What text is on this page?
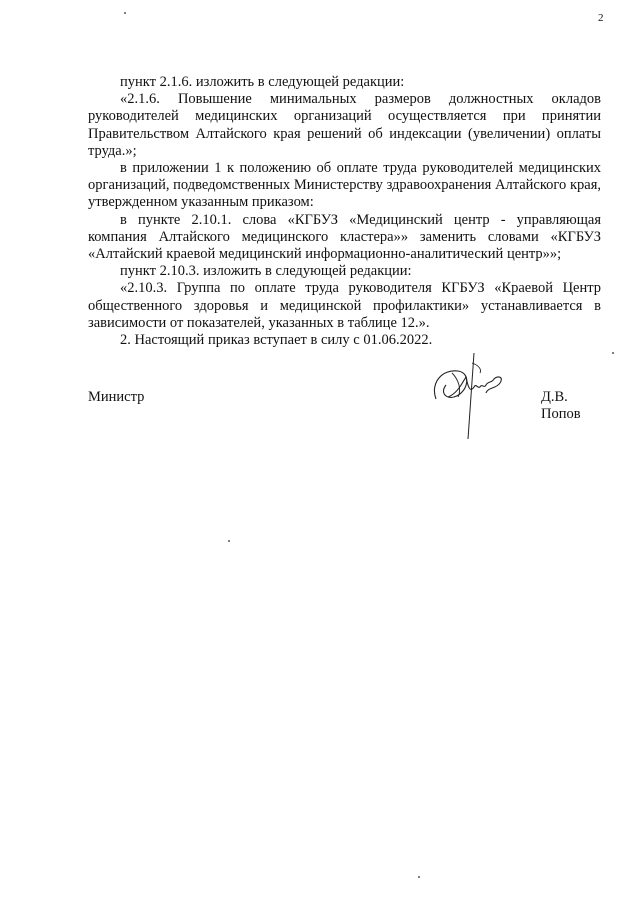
2

пункт 2.1.6. изложить в следующей редакции:

«2.1.6. Повышение минимальных размеров должностных окладов руководителей медицинских организаций осуществляется при принятии Правительством Алтайского края решений об индексации (увеличении) оплаты труда.»;

в приложении 1 к положению об оплате труда руководителей медицинских организаций, подведомственных Министерству здравоохранения Алтайского края, утвержденном указанным приказом:

в пункте 2.10.1. слова «КГБУЗ «Медицинский центр - управляющая компания Алтайского медицинского кластера»» заменить словами «КГБУЗ «Алтайский краевой медицинский информационно-аналитический центр»»;

пункт 2.10.3. изложить в следующей редакции:

«2.10.3. Группа по оплате труда руководителя КГБУЗ «Краевой Центр общественного здоровья и медицинской профилактики» устанавливается в зависимости от показателей, указанных в таблице 12.».

2. Настоящий приказ вступает в силу с 01.06.2022.

Министр	Д.В. Попов
